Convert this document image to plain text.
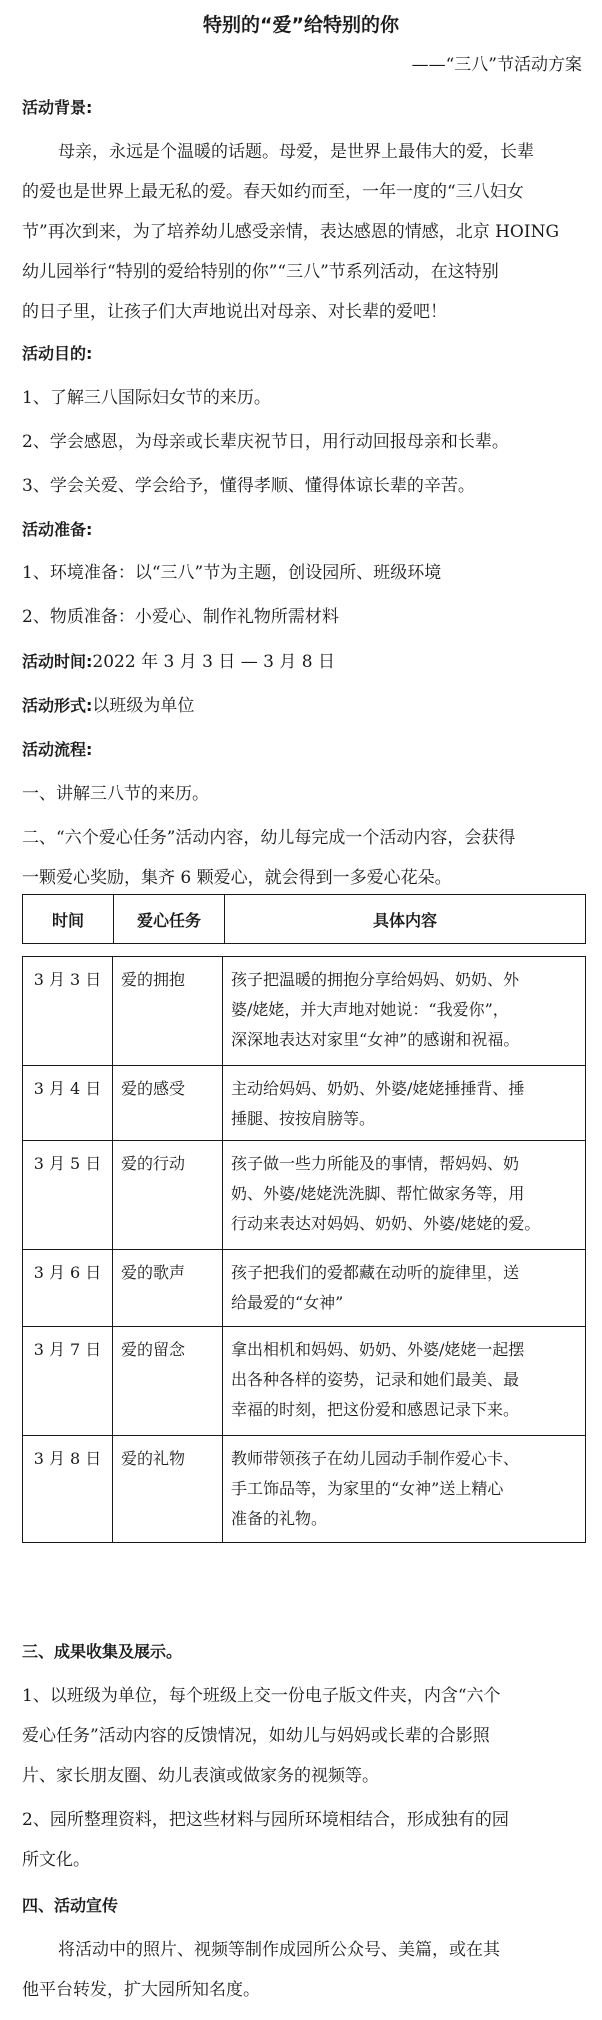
特别的“爱”给特别的你
——“三八”节活动方案
活动背景:
母亲，永远是个温暖的话题。母爱，是世界上最伟大的爱，长辈
的爱也是世界上最无私的爱。春天如约而至，一年一度的“三八妇女
节”再次到来，为了培养幼儿感受亲情，表达感恩的情感，北京 HOING
幼儿园举行“特别的爱给特别的你”“三八”节系列活动，在这特别
的日子里，让孩子们大声地说出对母亲、对长辈的爱吧！
活动目的:
1、了解三八国际妇女节的来历。
2、学会感恩，为母亲或长辈庆祝节日，用行动回报母亲和长辈。
3、学会关爱、学会给予，懂得孝顺、懂得体谅长辈的辛苦。
活动准备:
1、环境准备：以“三八”节为主题，创设园所、班级环境
2、物质准备：小爱心、制作礼物所需材料
活动时间:2022 年 3 月 3 日 — 3 月 8 日
活动形式:以班级为单位
活动流程:
一、讲解三八节的来历。
二、“六个爱心任务”活动内容，幼儿每完成一个活动内容，会获得
一颗爱心奖励，集齐 6 颗爱心，就会得到一多爱心花朵。
时间	爱心任务	具体内容
3 月 3 日	爱的拥抱	孩子把温暖的拥抱分享给妈妈、奶奶、外
婆/姥姥，并大声地对她说：“我爱你”，
深深地表达对家里“女神”的感谢和祝福。
3 月 4 日	爱的感受	主动给妈妈、奶奶、外婆/姥姥捶捶背、捶
捶腿、按按肩膀等。
3 月 5 日	爱的行动	孩子做一些力所能及的事情，帮妈妈、奶
奶、外婆/姥姥洗洗脚、帮忙做家务等，用
行动来表达对妈妈、奶奶、外婆/姥姥的爱。
3 月 6 日	爱的歌声	孩子把我们的爱都藏在动听的旋律里，送
给最爱的“女神”
3 月 7 日	爱的留念	拿出相机和妈妈、奶奶、外婆/姥姥一起摆
出各种各样的姿势，记录和她们最美、最
幸福的时刻，把这份爱和感恩记录下来。
3 月 8 日	爱的礼物	教师带领孩子在幼儿园动手制作爱心卡、
手工饰品等，为家里的“女神”送上精心
准备的礼物。
三、成果收集及展示。
1、以班级为单位，每个班级上交一份电子版文件夹，内含“六个
爱心任务”活动内容的反馈情况，如幼儿与妈妈或长辈的合影照
片、家长朋友圈、幼儿表演或做家务的视频等。
2、园所整理资料，把这些材料与园所环境相结合，形成独有的园
所文化。
四、活动宣传
将活动中的照片、视频等制作成园所公众号、美篇，或在其
他平台转发，扩大园所知名度。
